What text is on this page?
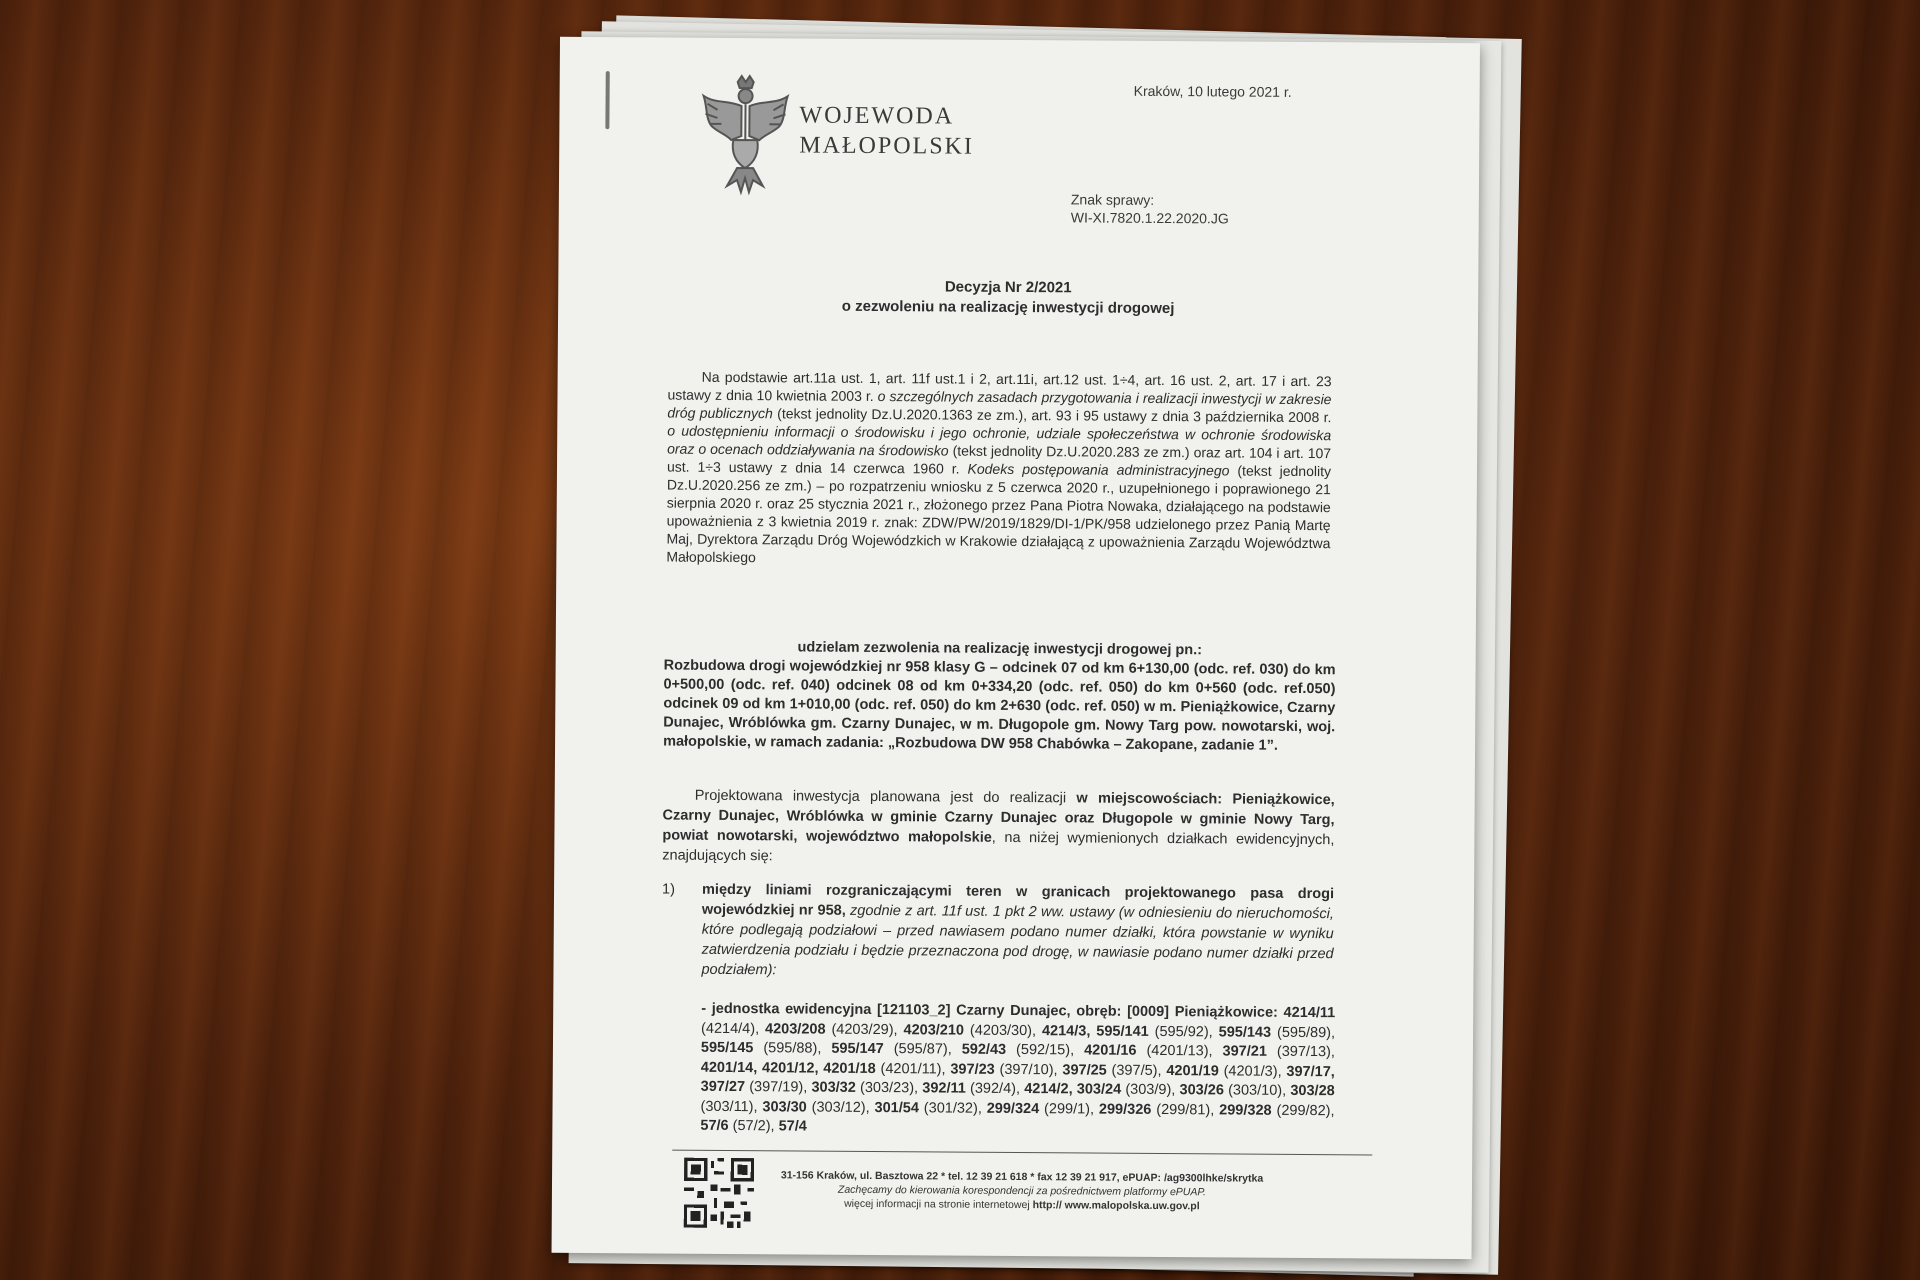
WOJEWODA
MAŁOPOLSKI
Kraków, 10 lutego 2021 r.
Znak sprawy:
WI-XI.7820.1.22.2020.JG
Decyzja Nr 2/2021
o zezwoleniu na realizację inwestycji drogowej
Na podstawie art.11a ust. 1, art. 11f ust.1 i 2, art.11i, art.12 ust. 1÷4, art. 16 ust. 2, art. 17 i art. 23 ustawy z dnia 10 kwietnia 2003 r. o szczególnych zasadach przygotowania i realizacji inwestycji w zakresie dróg publicznych (tekst jednolity Dz.U.2020.1363 ze zm.), art. 93 i 95 ustawy z dnia 3 października 2008 r. o udostępnieniu informacji o środowisku i jego ochronie, udziale społeczeństwa w ochronie środowiska oraz o ocenach oddziaływania na środowisko (tekst jednolity Dz.U.2020.283 ze zm.) oraz art. 104 i art. 107 ust. 1÷3 ustawy z dnia 14 czerwca 1960 r. Kodeks postępowania administracyjnego (tekst jednolity Dz.U.2020.256 ze zm.) – po rozpatrzeniu wniosku z 5 czerwca 2020 r., uzupełnionego i poprawionego 21 sierpnia 2020 r. oraz 25 stycznia 2021 r., złożonego przez Pana Piotra Nowaka, działającego na podstawie upoważnienia z 3 kwietnia 2019 r. znak: ZDW/PW/2019/1829/DI-1/PK/958 udzielonego przez Panią Martę Maj, Dyrektora Zarządu Dróg Wojewódzkich w Krakowie działającą z upoważnienia Zarządu Województwa Małopolskiego
udzielam zezwolenia na realizację inwestycji drogowej pn.:
Rozbudowa drogi wojewódzkiej nr 958 klasy G – odcinek 07 od km 6+130,00 (odc. ref. 030) do km 0+500,00 (odc. ref. 040) odcinek 08 od km 0+334,20 (odc. ref. 050) do km 0+560 (odc. ref.050) odcinek 09 od km 1+010,00 (odc. ref. 050) do km 2+630 (odc. ref. 050) w m. Pieniążkowice, Czarny Dunajec, Wróblówka gm. Czarny Dunajec, w m. Długopole gm. Nowy Targ pow. nowotarski, woj. małopolskie, w ramach zadania: „Rozbudowa DW 958 Chabówka – Zakopane, zadanie 1”.
Projektowana inwestycja planowana jest do realizacji w miejscowościach: Pieniążkowice, Czarny Dunajec, Wróblówka w gminie Czarny Dunajec oraz Długopole w gminie Nowy Targ, powiat nowotarski, województwo małopolskie, na niżej wymienionych działkach ewidencyjnych, znajdujących się:
1) między liniami rozgraniczającymi teren w granicach projektowanego pasa drogi wojewódzkiej nr 958, zgodnie z art. 11f ust. 1 pkt 2 ww. ustawy (w odniesieniu do nieruchomości, które podlegają podziałowi – przed nawiasem podano numer działki, która powstanie w wyniku zatwierdzenia podziału i będzie przeznaczona pod drogę, w nawiasie podano numer działki przed podziałem):
- jednostka ewidencyjna [121103_2] Czarny Dunajec, obręb: [0009] Pieniążkowice: 4214/11 (4214/4), 4203/208 (4203/29), 4203/210 (4203/30), 4214/3, 595/141 (595/92), 595/143 (595/89), 595/145 (595/88), 595/147 (595/87), 592/43 (592/15), 4201/16 (4201/13), 397/21 (397/13), 4201/14, 4201/12, 4201/18 (4201/11), 397/23 (397/10), 397/25 (397/5), 4201/19 (4201/3), 397/17, 397/27 (397/19), 303/32 (303/23), 392/11 (392/4), 4214/2, 303/24 (303/9), 303/26 (303/10), 303/28 (303/11), 303/30 (303/12), 301/54 (301/32), 299/324 (299/1), 299/326 (299/81), 299/328 (299/82), 57/6 (57/2), 57/4
31-156 Kraków, ul. Basztowa 22 * tel. 12 39 21 618 * fax 12 39 21 917, ePUAP: /ag9300lhke/skrytka
Zachęcamy do kierowania korespondencji za pośrednictwem platformy ePUAP.
więcej informacji na stronie internetowej http:// www.malopolska.uw.gov.pl
